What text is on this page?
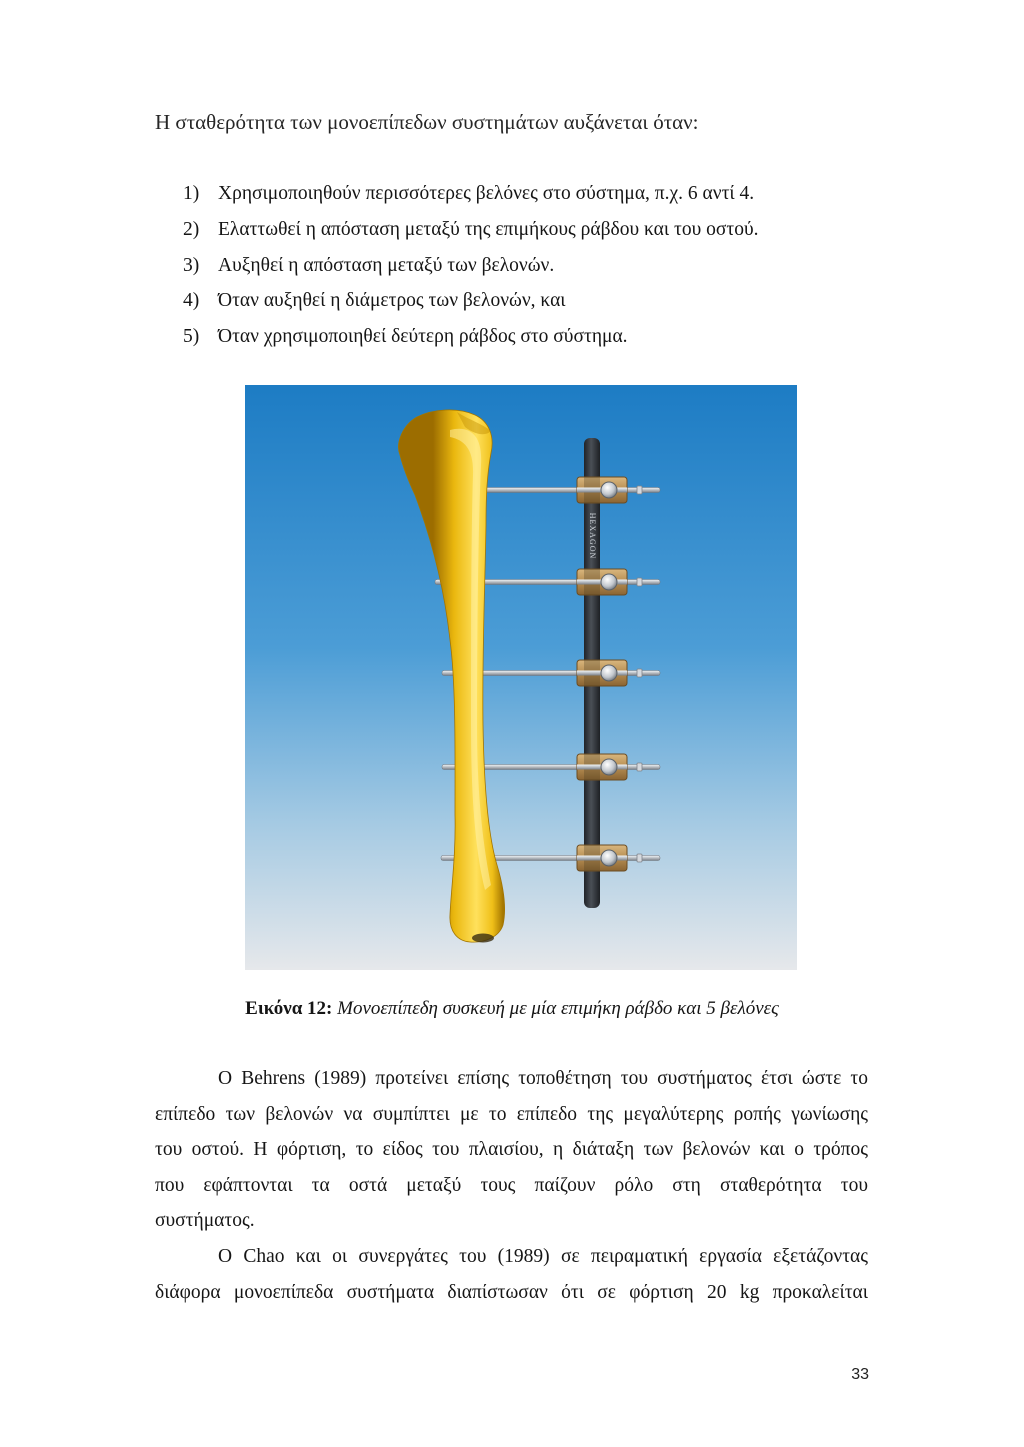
Η σταθερότητα των μονοεπίπεδων συστημάτων αυξάνεται όταν:
1) Χρησιμοποιηθούν περισσότερες βελόνες στο σύστημα, π.χ. 6 αντί 4.
2) Ελαττωθεί η απόσταση μεταξύ της επιμήκους ράβδου και του οστού.
3) Αυξηθεί η απόσταση μεταξύ των βελονών.
4) Όταν αυξηθεί η διάμετρος των βελονών, και
5) Όταν χρησιμοποιηθεί δεύτερη ράβδος στο σύστημα.
HEXAGON
Εικόνα 12: Μονοεπίπεδη συσκευή με μία επιμήκη ράβδο και 5 βελόνες
Ο Behrens (1989) προτείνει επίσης τοποθέτηση του συστήματος έτσι ώστε το
επίπεδο των βελονών να συμπίπτει με το επίπεδο της μεγαλύτερης ροπής γωνίωσης
του οστού. Η φόρτιση, το είδος του πλαισίου, η διάταξη των βελονών και ο τρόπος
που εφάπτονται τα οστά μεταξύ τους παίζουν ρόλο στη σταθερότητα του
συστήματος.
Ο Chao και οι συνεργάτες του (1989) σε πειραματική εργασία εξετάζοντας
διάφορα μονοεπίπεδα συστήματα διαπίστωσαν ότι σε φόρτιση 20 kg προκαλείται
33
